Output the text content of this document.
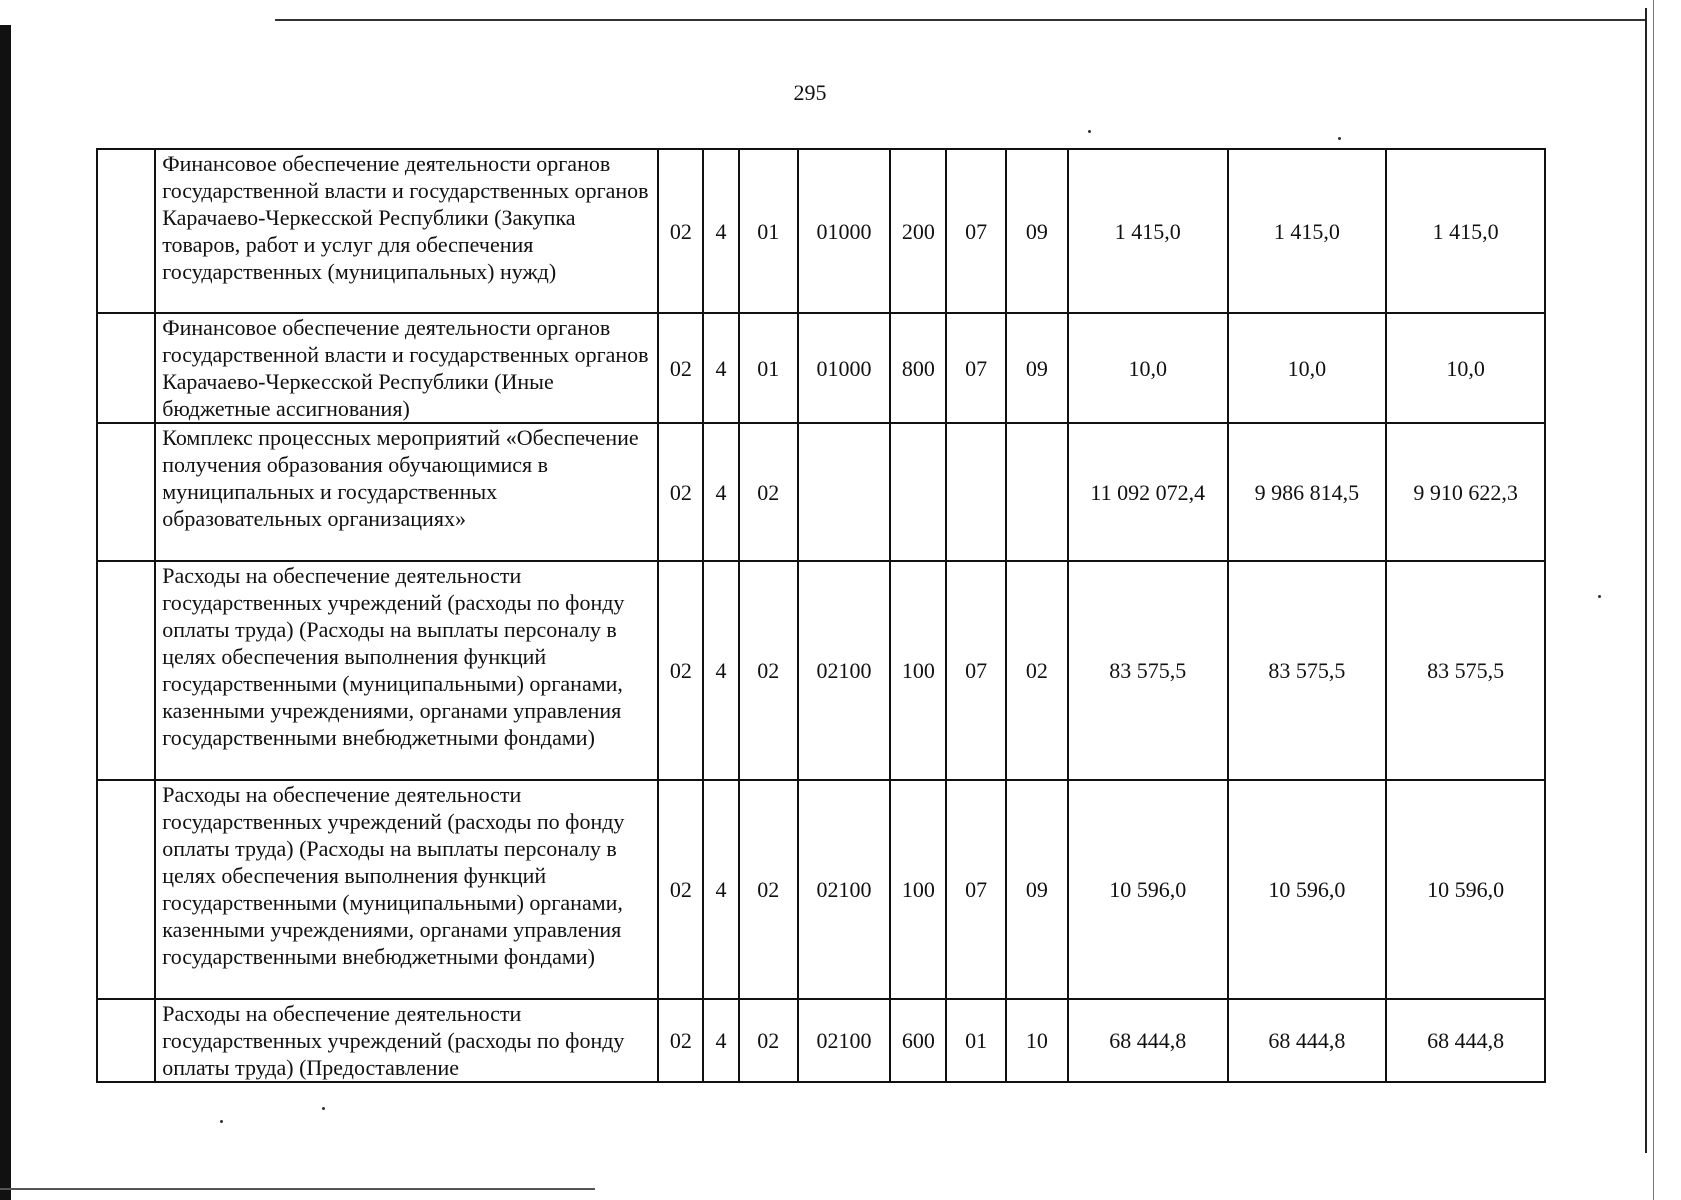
295
	Финансовое обеспечение деятельности органов государственной власти и государственных органов Карачаево-Черкесской Республики (Закупка товаров, работ и услуг для обеспечения государственных (муниципальных) нужд)	02	4	01	01000	200	07	09	1 415,0	1 415,0	1 415,0
	Финансовое обеспечение деятельности органов государственной власти и государственных органов Карачаево-Черкесской Республики (Иные бюджетные ассигнования)	02	4	01	01000	800	07	09	10,0	10,0	10,0
	Комплекс процессных мероприятий «Обеспечение получения образования обучающимися в муниципальных и государственных образовательных организациях»	02	4	02					11 092 072,4	9 986 814,5	9 910 622,3
	Расходы на обеспечение деятельности государственных учреждений (расходы по фонду оплаты труда) (Расходы на выплаты персоналу в целях обеспечения выполнения функций государственными (муниципальными) органами, казенными учреждениями, органами управления государственными внебюджетными фондами)	02	4	02	02100	100	07	02	83 575,5	83 575,5	83 575,5
	Расходы на обеспечение деятельности государственных учреждений (расходы по фонду оплаты труда) (Расходы на выплаты персоналу в целях обеспечения выполнения функций государственными (муниципальными) органами, казенными учреждениями, органами управления государственными внебюджетными фондами)	02	4	02	02100	100	07	09	10 596,0	10 596,0	10 596,0
	Расходы на обеспечение деятельности государственных учреждений (расходы по фонду оплаты труда) (Предоставление	02	4	02	02100	600	01	10	68 444,8	68 444,8	68 444,8
